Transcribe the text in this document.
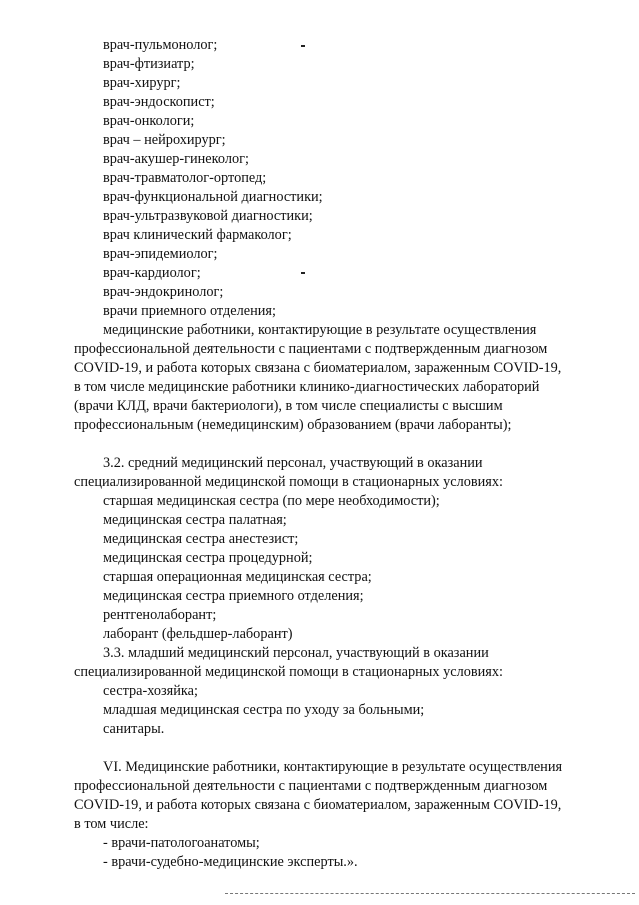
врач-пульмонолог;
врач-фтизиатр;
врач-хирург;
врач-эндоскопист;
врач-онкологи;
врач – нейрохирург;
врач-акушер-гинеколог;
врач-травматолог-ортопед;
врач-функциональной диагностики;
врач-ультразвуковой диагностики;
врач клинический фармаколог;
врач-эпидемиолог;
врач-кардиолог;
врач-эндокринолог;
врачи приемного отделения;
медицинские работники, контактирующие в результате осуществления
профессиональной деятельности с пациентами с подтвержденным диагнозом
COVID-19, и работа которых связана с биоматериалом, зараженным COVID-19,
в том числе медицинские работники клинико-диагностических лабораторий
(врачи КЛД, врачи бактериологи), в том числе специалисты с высшим
профессиональным (немедицинским) образованием (врачи лаборанты);
3.2. средний медицинский персонал, участвующий в оказании
специализированной медицинской помощи в стационарных условиях:
старшая медицинская сестра (по мере необходимости);
медицинская сестра палатная;
медицинская сестра анестезист;
медицинская сестра процедурной;
старшая операционная медицинская сестра;
медицинская сестра приемного отделения;
рентгенолаборант;
лаборант (фельдшер-лаборант)
3.3. младший медицинский персонал, участвующий в оказании
специализированной медицинской помощи в стационарных условиях:
сестра-хозяйка;
младшая медицинская сестра по уходу за больными;
санитары.
VI. Медицинские работники, контактирующие в результате осуществления
профессиональной деятельности с пациентами с подтвержденным диагнозом
COVID-19, и работа которых связана с биоматериалом, зараженным COVID-19,
в том числе:
- врачи-патологоанатомы;
- врачи-судебно-медицинские эксперты.».
